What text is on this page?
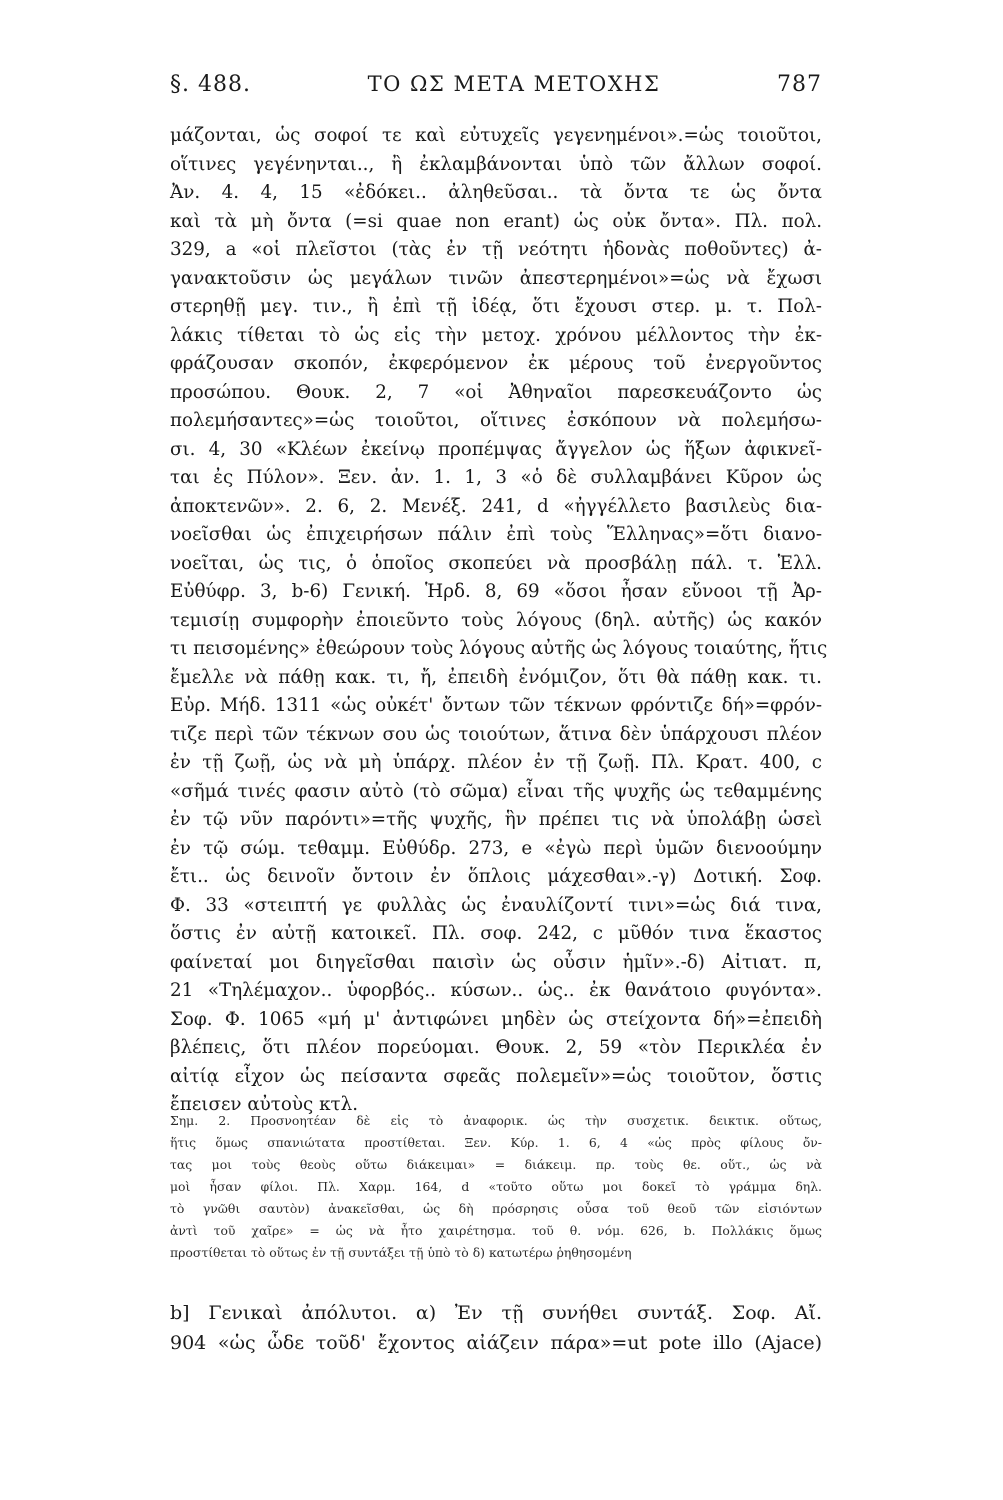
§. 488.	ΤΟ ΩΣ ΜΕΤΑ ΜΕΤΟΧΗΣ	787
μάζονται, ὡς σοφοί τε καὶ εὐτυχεῖς γεγενημένοι».=ὡς τοιοῦτοι,
οἵτινες γεγένηνται.., ἢ ἐκλαμβάνονται ὑπὸ τῶν ἄλλων σοφοί.
Ἀν. 4. 4, 15 «ἐδόκει.. ἀληθεῦσαι.. τὰ ὄντα τε ὡς ὄντα
καὶ τὰ μὴ ὄντα (=si quae non erant) ὡς οὐκ ὄντα». Πλ. πολ.
329, a «οἱ πλεῖστοι (τὰς ἐν τῇ νεότητι ἡδονὰς ποθοῦντες) ἀ-
γανακτοῦσιν ὡς μεγάλων τινῶν ἀπεστερημένοι»=ὡς νὰ ἔχωσι
στερηθῇ μεγ. τιν., ἢ ἐπὶ τῇ ἰδέᾳ, ὅτι ἔχουσι στερ. μ. τ. Πολ-
λάκις τίθεται τὸ ὡς εἰς τὴν μετοχ. χρόνου μέλλοντος τὴν ἐκ-
φράζουσαν σκοπόν, ἐκφερόμενον ἐκ μέρους τοῦ ἐνεργοῦντος
προσώπου. Θουκ. 2, 7 «οἱ Ἀθηναῖοι παρεσκευάζοντο ὡς
πολεμήσαντες»=ὡς τοιοῦτοι, οἵτινες ἐσκόπουν νὰ πολεμήσω-
σι. 4, 30 «Κλέων ἐκείνῳ προπέμψας ἄγγελον ὡς ἥξων ἀφικνεῖ-
ται ἐς Πύλον». Ξεν. ἀν. 1. 1, 3 «ὁ δὲ συλλαμβάνει Κῦρον ὡς
ἀποκτενῶν». 2. 6, 2. Μενέξ. 241, d «ἠγγέλλετο βασιλεὺς δια-
νοεῖσθαι ὡς ἐπιχειρήσων πάλιν ἐπὶ τοὺς Ἕλληνας»=ὅτι διανο-
νοεῖται, ὡς τις, ὁ ὁποῖος σκοπεύει νὰ προσβάλῃ πάλ. τ. Ἑλλ.
Εὐθύφρ. 3, b-6) Γενική. Ἡρδ. 8, 69 «ὅσοι ἦσαν εὔνοοι τῇ Ἀρ-
τεμισίῃ συμφορὴν ἐποιεῦντο τοὺς λόγους (δηλ. αὐτῆς) ὡς κακόν
τι πεισομένης» ἐθεώρουν τοὺς λόγους αὐτῆς ὡς λόγους τοιαύτης, ἥτις
ἔμελλε νὰ πάθῃ κακ. τι, ἤ, ἐπειδὴ ἐνόμιζον, ὅτι θὰ πάθῃ κακ. τι.
Εὐρ. Μήδ. 1311 «ὡς οὐκέτ' ὄντων τῶν τέκνων φρόντιζε δή»=φρόν-
τιζε περὶ τῶν τέκνων σου ὡς τοιούτων, ἅτινα δὲν ὑπάρχουσι πλέον
ἐν τῇ ζωῇ, ὡς νὰ μὴ ὑπάρχ. πλέον ἐν τῇ ζωῇ. Πλ. Κρατ. 400, c
«σῆμά τινές φασιν αὐτὸ (τὸ σῶμα) εἶναι τῆς ψυχῆς ὡς τεθαμμένης
ἐν τῷ νῦν παρόντι»=τῆς ψυχῆς, ἣν πρέπει τις νὰ ὑπολάβῃ ὡσεὶ
ἐν τῷ σώμ. τεθαμμ. Εὐθύδρ. 273, e «ἐγὼ περὶ ὑμῶν διενοούμην
ἔτι.. ὡς δεινοῖν ὄντοιν ἐν ὅπλοις μάχεσθαι».-γ) Δοτική. Σοφ.
Φ. 33 «στειπτή γε φυλλὰς ὡς ἐναυλίζοντί τινι»=ὡς διά τινα,
ὅστις ἐν αὐτῇ κατοικεῖ. Πλ. σοφ. 242, c μῦθόν τινα ἕκαστος
φαίνεταί μοι διηγεῖσθαι παισὶν ὡς οὖσιν ἡμῖν».-δ) Αἰτιατ. π,
21 «Τηλέμαχον.. ὑφορβός.. κύσων.. ὡς.. ἐκ θανάτοιο φυγόντα».
Σοφ. Φ. 1065 «μή μ' ἀντιφώνει μηδὲν ὡς στείχοντα δή»=ἐπειδὴ
βλέπεις, ὅτι πλέον πορεύομαι. Θουκ. 2, 59 «τὸν Περικλέα ἐν
αἰτίᾳ εἶχον ὡς πείσαντα σφεᾶς πολεμεῖν»=ὡς τοιοῦτον, ὅστις
ἔπεισεν αὐτοὺς κτλ.
Σημ. 2. Προσνοητέαν δὲ εἰς τὸ ἀναφορικ. ὡς τὴν συσχετικ. δεικτικ. οὕτως,
ἥτις ὅμως σπανιώτατα προστίθεται. Ξεν. Κύρ. 1. 6, 4 «ὡς πρὸς φίλους ὄν-
τας μοι τοὺς θεοὺς οὕτω διάκειμαι» = διάκειμ. πρ. τοὺς θε. οὕτ., ὡς νὰ
μοὶ ἦσαν φίλοι. Πλ. Χαρμ. 164, d «τοῦτο οὕτω μοι δοκεῖ τὸ γράμμα δηλ.
τὸ γνῶθι σαυτὸν) ἀνακεῖσθαι, ὡς δὴ πρόσρησις οὖσα τοῦ θεοῦ τῶν εἰσιόντων
ἀντὶ τοῦ χαῖρε» = ὡς νὰ ἦτο χαιρέτησμα. τοῦ θ. νόμ. 626, b. Πολλάκις ὅμως
προστίθεται τὸ οὕτως ἐν τῇ συντάξει τῇ ὑπὸ τὸ δ) κατωτέρω ῥηθησομένη
b] Γενικαὶ ἀπόλυτοι. α) Ἐν τῇ συνήθει συντάξ. Σοφ. Αἴ.
904 «ὡς ὧδε τοῦδ' ἔχοντος αἰάζειν πάρα»=ut pote illo (Ajace)
